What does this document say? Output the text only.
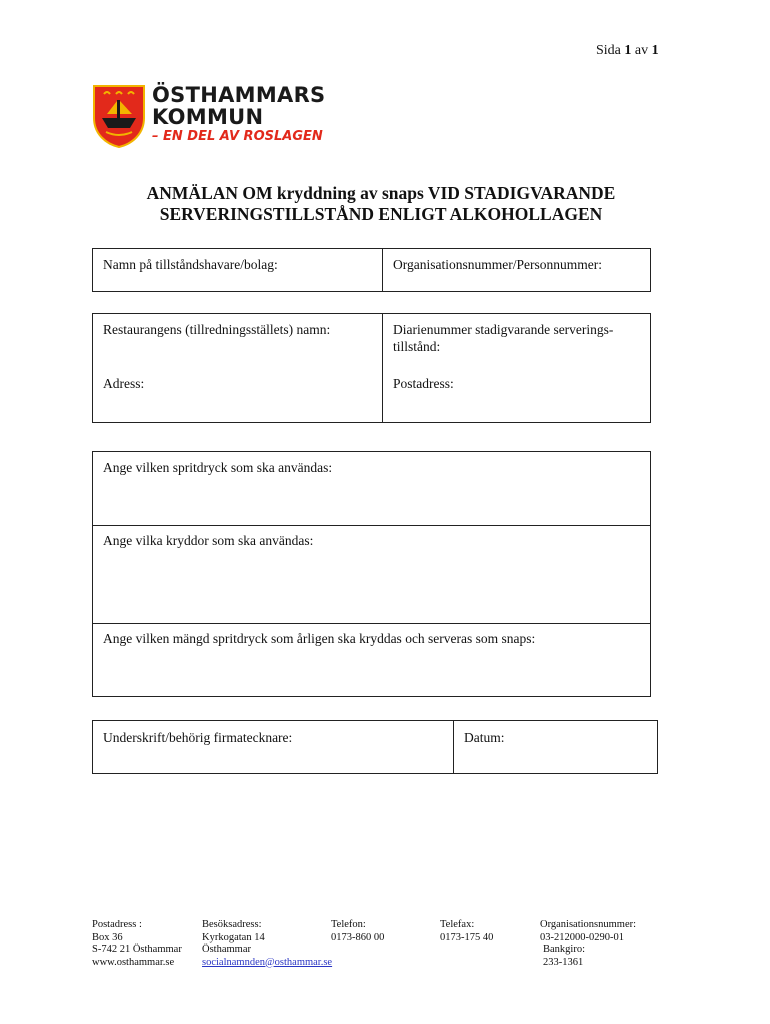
Sida 1 av 1
ÖSTHAMMARS
KOMMUN
– EN DEL AV ROSLAGEN
ANMÄLAN OM kryddning av snaps VID STADIGVARANDE
SERVERINGSTILLSTÅND ENLIGT ALKOHOLLAGEN
Namn på tillståndshavare/bolag:	Organisationsnummer/Personnummer:
Restaurangens (tillredningsställets) namn:	Diarienummer stadigvarande serverings-
tillstånd:
Adress:	Postadress:
Ange vilken spritdryck som ska användas:
Ange vilka kryddor som ska användas:
Ange vilken mängd spritdryck som årligen ska kryddas och serveras som snaps:
Underskrift/behörig firmatecknare:	Datum:
Postadress :
Box 36
S-742 21 Östhammar
www.osthammar.se
Besöksadress:
Kyrkogatan 14
Östhammar
socialnamnden@osthammar.se
Telefon:
0173-860 00
Telefax:
0173-175 40
Organisationsnummer:
03-212000-0290-01
Bankgiro:
233-1361
